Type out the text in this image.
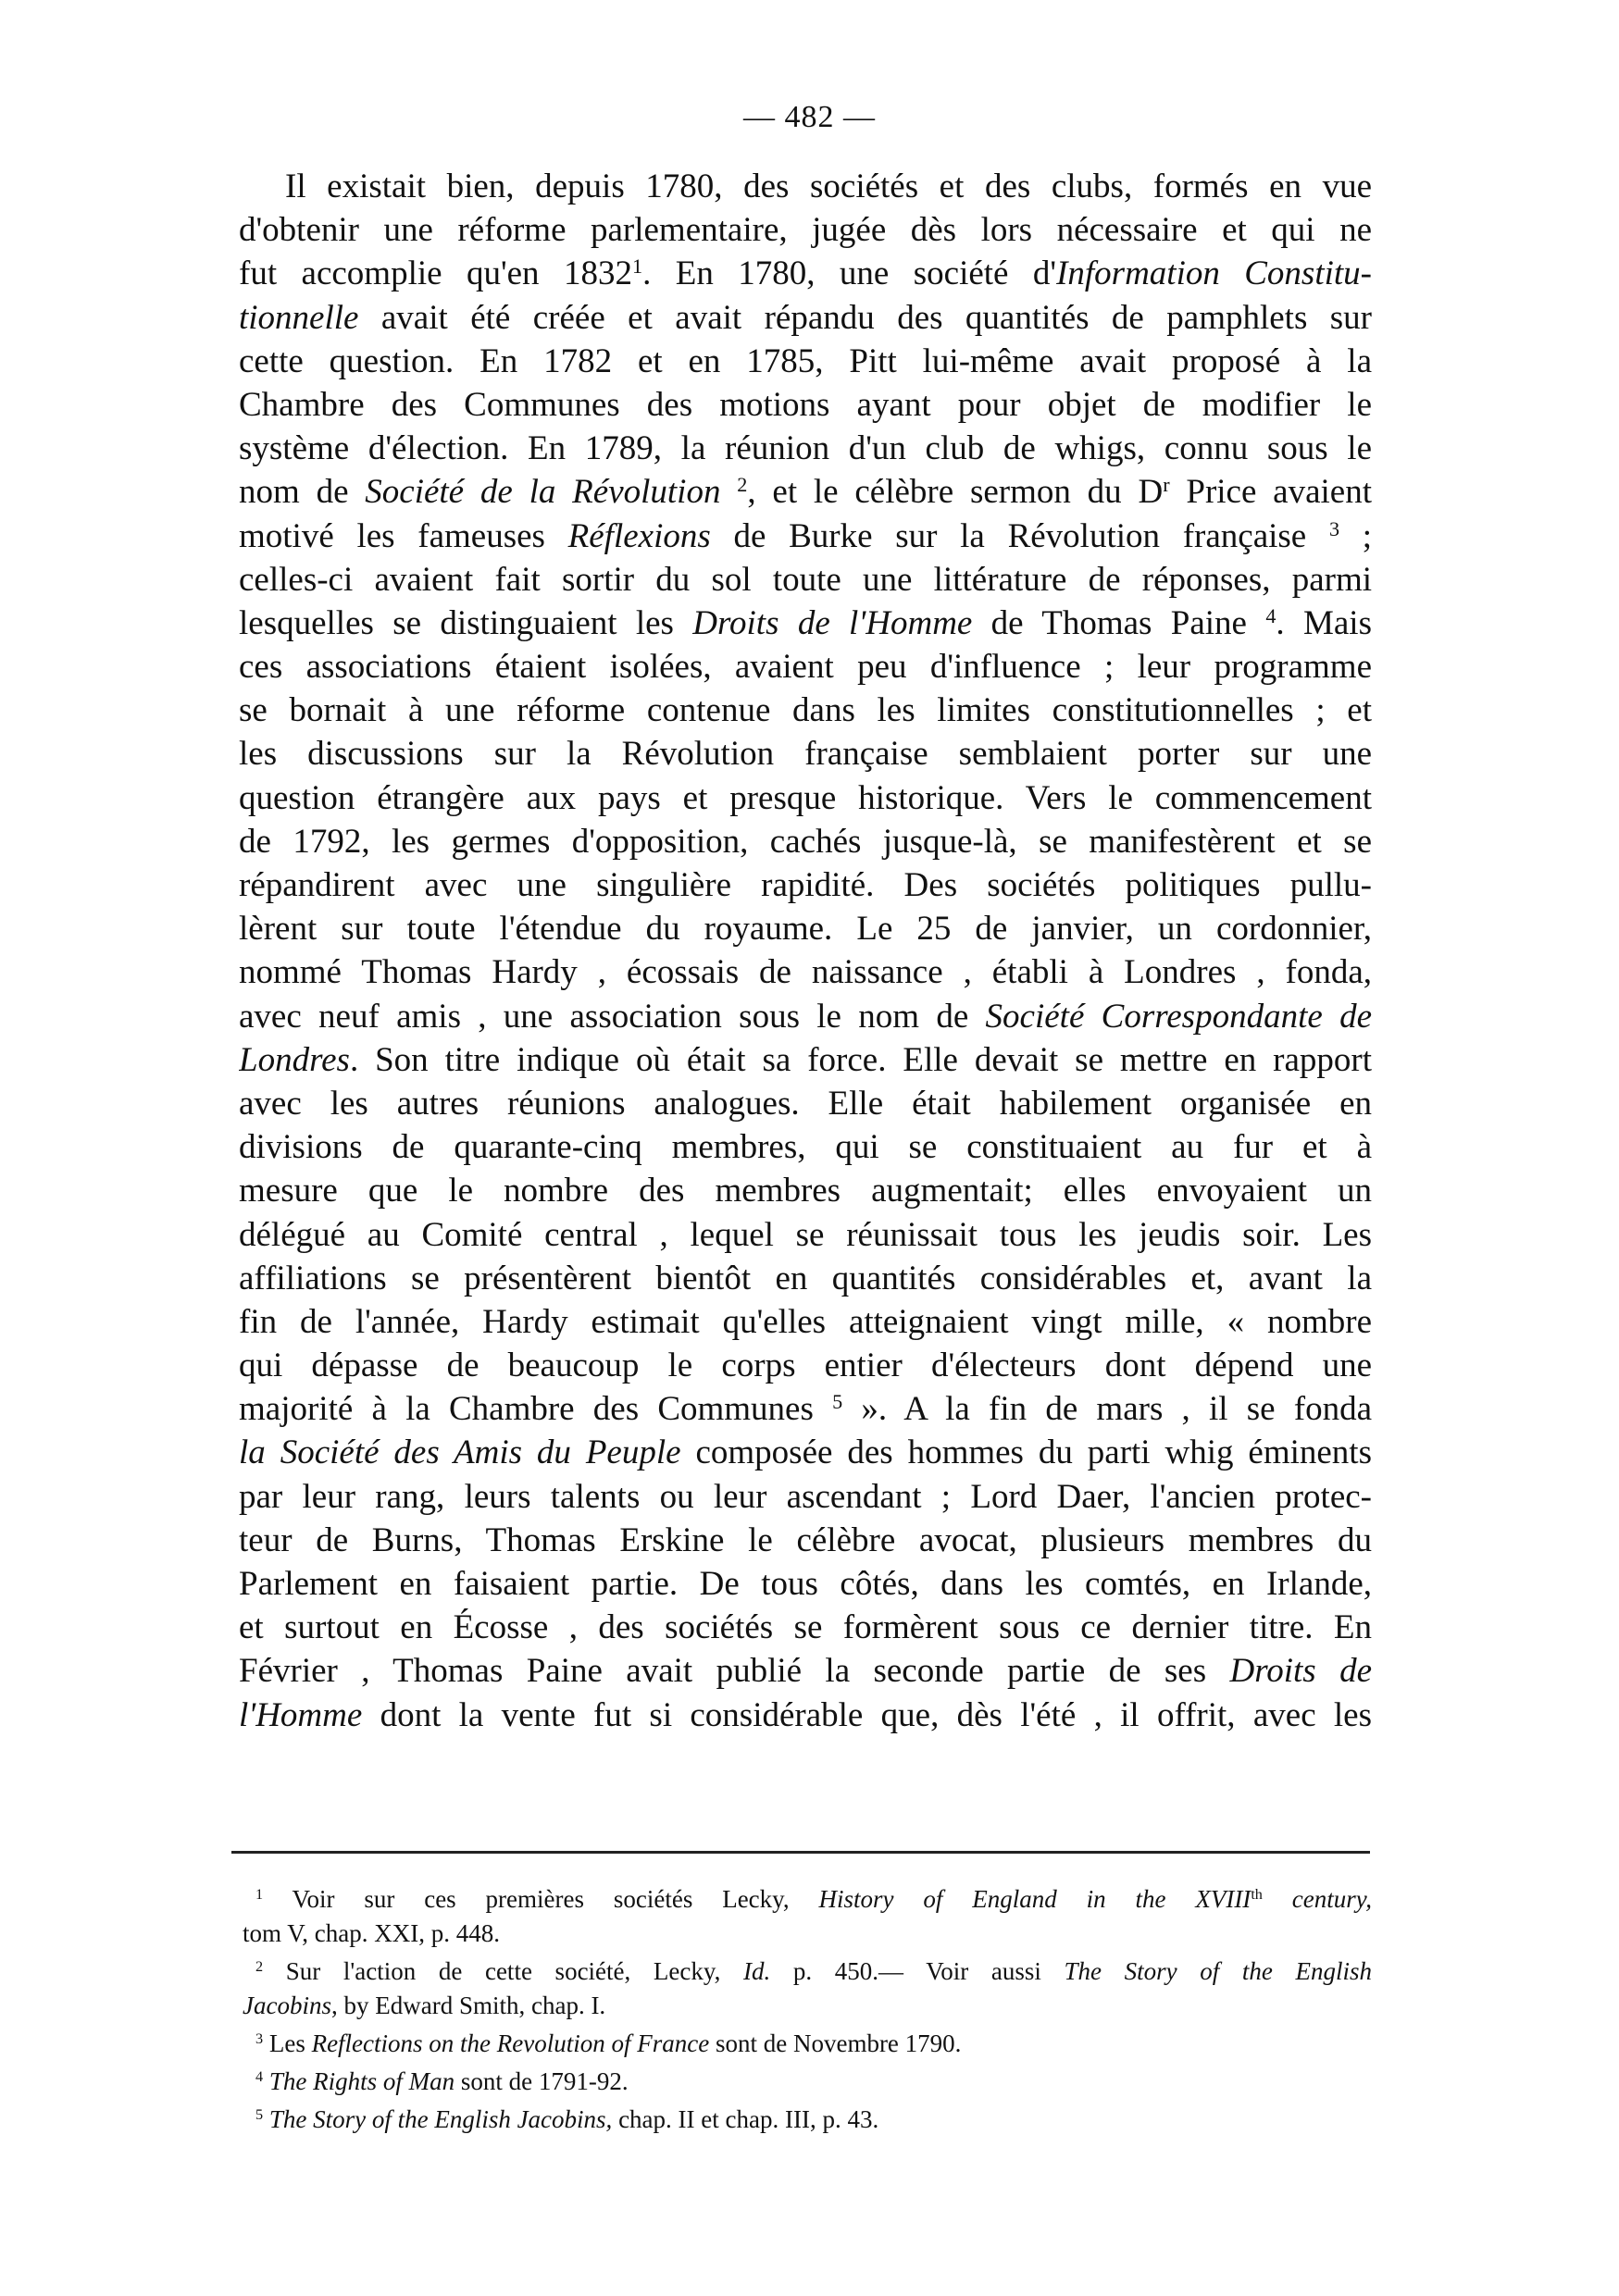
— 482 —
Il existait bien, depuis 1780, des sociétés et des clubs, formés en vue
d'obtenir une réforme parlementaire, jugée dès lors nécessaire et qui ne
fut accomplie qu'en 1832$^1$. En 1780, une société d'Information Constitu-
tionnelle avait été créée et avait répandu des quantités de pamphlets sur
cette question. En 1782 et en 1785, Pitt lui-même avait proposé à la
Chambre des Communes des motions ayant pour objet de modifier le
système d'élection. En 1789, la réunion d'un club de whigs, connu sous le
nom de Société de la Révolution $^2$, et le célèbre sermon du $D^r$ Price avaient
motivé les fameuses Réflexions de Burke sur la Révolution française $^3$ ;
celles-ci avaient fait sortir du sol toute une littérature de réponses, parmi
lesquelles se distinguaient les Droits de l'Homme de Thomas Paine $^4$. Mais
ces associations étaient isolées, avaient peu d'influence ; leur programme
se bornait à une réforme contenue dans les limites constitutionnelles ; et
les discussions sur la Révolution française semblaient porter sur une
question étrangère aux pays et presque historique. Vers le commencement
de 1792, les germes d'opposition, cachés jusque-là, se manifestèrent et se
répandirent avec une singulière rapidité. Des sociétés politiques pullu-
lèrent sur toute l'étendue du royaume. Le 25 de janvier, un cordonnier,
nommé Thomas Hardy , écossais de naissance , établi à Londres , fonda,
avec neuf amis , une association sous le nom de Société Correspondante de
Londres. Son titre indique où était sa force. Elle devait se mettre en rapport
avec les autres réunions analogues. Elle était habilement organisée en
divisions de quarante-cinq membres, qui se constituaient au fur et à
mesure que le nombre des membres augmentait; elles envoyaient un
délégué au Comité central , lequel se réunissait tous les jeudis soir. Les
affiliations se présentèrent bientôt en quantités considérables et, avant la
fin de l'année, Hardy estimait qu'elles atteignaient vingt mille, « nombre
qui dépasse de beaucoup le corps entier d'électeurs dont dépend une
majorité à la Chambre des Communes $^5$ ». A la fin de mars , il se fonda
la Société des Amis du Peuple composée des hommes du parti whig éminents
par leur rang, leurs talents ou leur ascendant ; Lord Daer, l'ancien protec-
teur de Burns, Thomas Erskine le célèbre avocat, plusieurs membres du
Parlement en faisaient partie. De tous côtés, dans les comtés, en Irlande,
et surtout en Écosse , des sociétés se formèrent sous ce dernier titre. En
Février , Thomas Paine avait publié la seconde partie de ses Droits de
l'Homme dont la vente fut si considérable que, dès l'été , il offrit, avec les
$^1$ Voir sur ces premières sociétés Lecky, History of England in the XVIIIth century,
tom V, chap. XXI, p. 448.
$^2$ Sur l'action de cette société, Lecky, Id. p. 450.— Voir aussi The Story of the English
Jacobins, by Edward Smith, chap. I.
$^3$ Les Reflections on the Revolution of France sont de Novembre 1790.
$^4$ The Rights of Man sont de 1791-92.
$^5$ The Story of the English Jacobins, chap. II et chap. III, p. 43.
